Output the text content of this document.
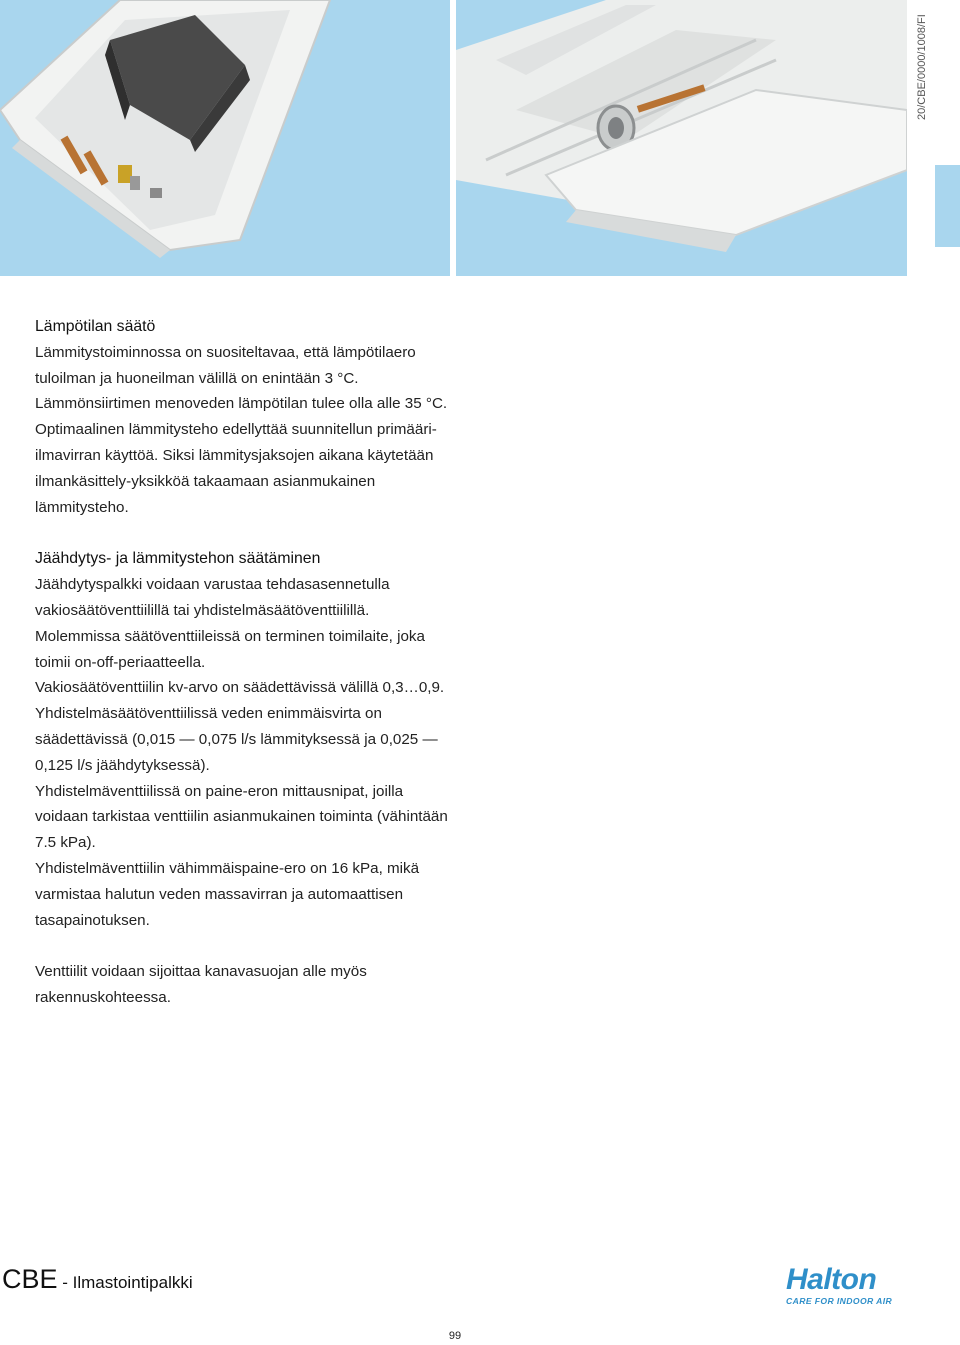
20/CBE/0000/1008/FI
Lämpötilan säätö
Lämmitystoiminnossa on suositeltavaa, että lämpötilaero tuloilman ja huoneilman välillä on enintään 3 °C. Lämmönsiirtimen menoveden lämpötilan tulee olla alle 35 °C. Optimaalinen lämmitysteho edellyttää suunnitellun primääri-ilmavirran käyttöä. Siksi lämmitysjaksojen aikana käytetään ilmankäsittely-yksikköä takaamaan asianmukainen lämmitysteho.
Jäähdytys- ja lämmitystehon säätäminen
Jäähdytyspalkki voidaan varustaa tehdasasennetulla vakiosäätöventtiilillä tai yhdistelmäsäätöventtiilillä.
Molemmissa säätöventtiileissä on terminen toimilaite, joka toimii on-off-periaatteella.
Vakiosäätöventtiilin kv-arvo on säädettävissä välillä 0,3…0,9.
Yhdistelmäsäätöventtiilissä veden enimmäisvirta on säädettävissä (0,015 — 0,075 l/s lämmityksessä ja 0,025 — 0,125 l/s jäähdytyksessä).
Yhdistelmäventtiilissä on paine-eron mittausnipat, joilla voidaan tarkistaa venttiilin asianmukainen toiminta (vähintään 7.5 kPa).
Yhdistelmäventtiilin vähimmäispaine-ero on 16 kPa, mikä varmistaa halutun veden massavirran ja automaattisen tasapainotuksen.
Venttiilit voidaan sijoittaa kanavasuojan alle myös rakennuskohteessa.
CBE - Ilmastointipalkki	Halton
CARE FOR INDOOR AIR
99
